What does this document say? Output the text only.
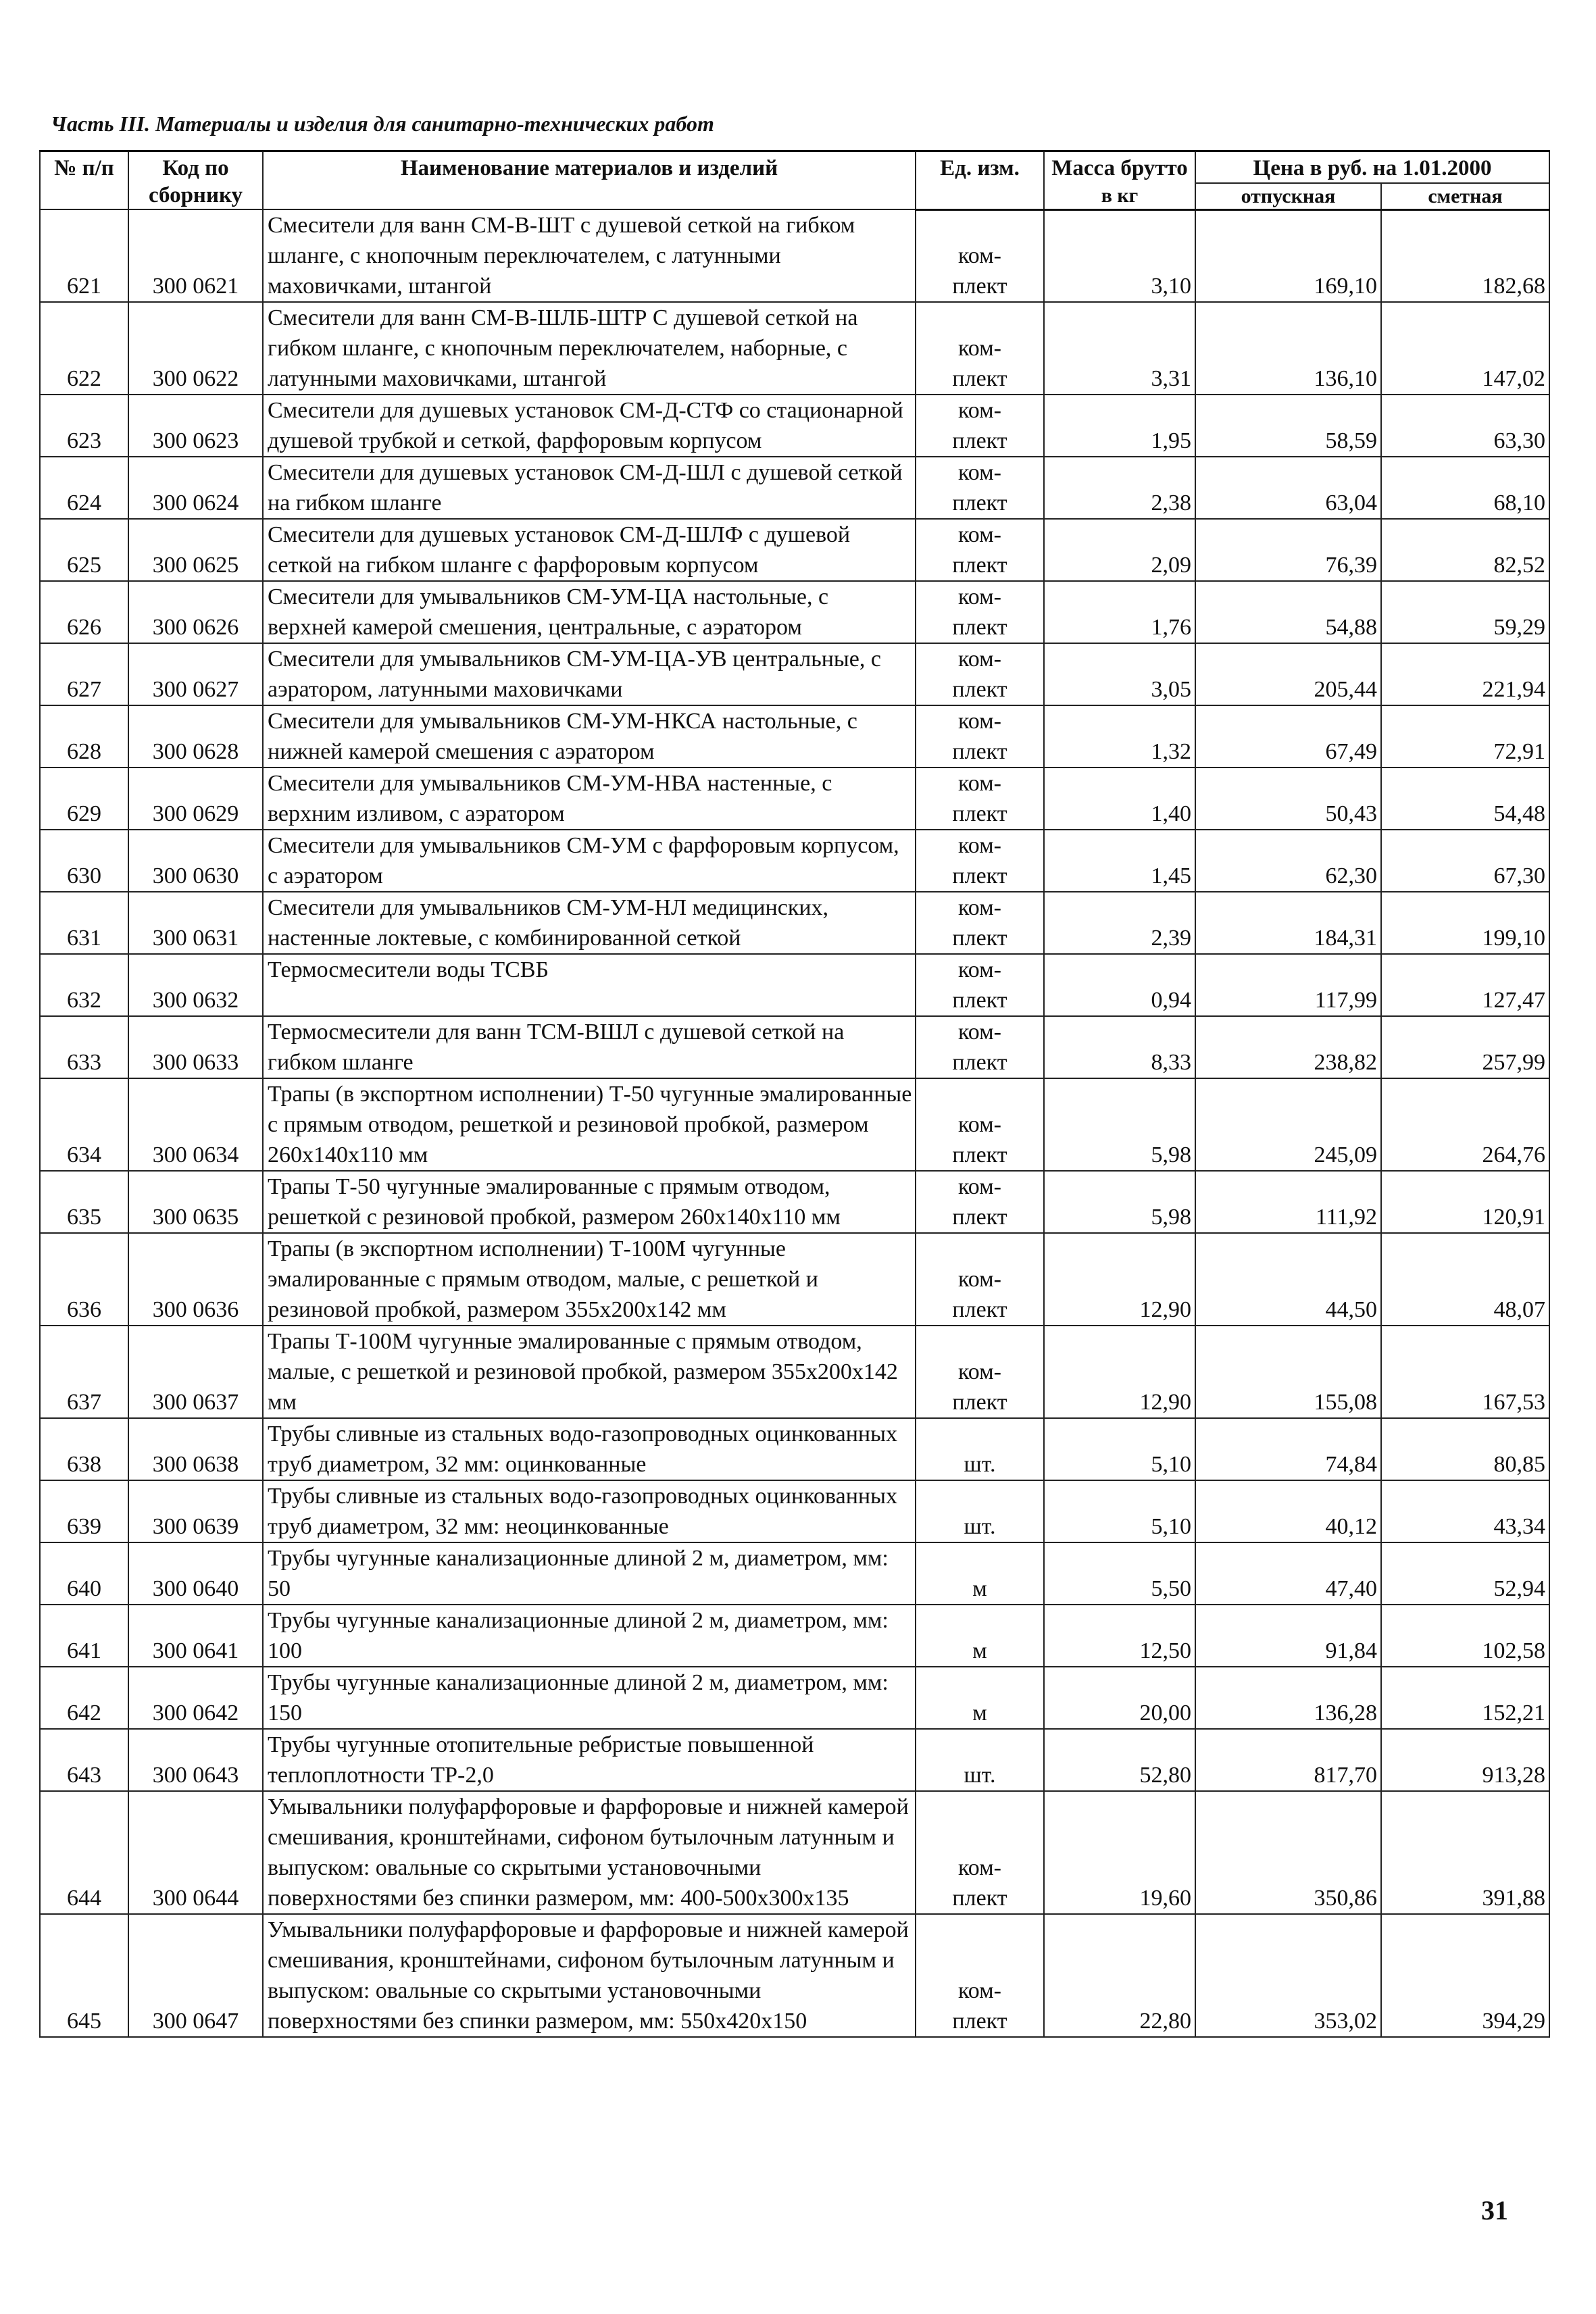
Часть III. Материалы и изделия для санитарно-технических работ
№ п/п	Код по сборнику	Наименование материалов и изделий	Ед. изм.	Масса брутто	Цена в руб. на 1.01.2000	
				в кг	отпускная	сметная
621	300 0621	Смесители для ванн СМ-В-ШТ с душевой сеткой на гибком шланге, с кнопочным переключателем, с латунными маховичками, штангой	ком-
плект	3,10	169,10	182,68
622	300 0622	Смесители для ванн СМ-В-ШЛБ-ШТР С душевой сеткой на гибком шланге, с кнопочным переключателем, наборные, с латунными маховичками, штангой	ком-
плект	3,31	136,10	147,02
623	300 0623	Смесители для душевых установок СМ-Д-СТФ со стационарной душевой трубкой и сеткой, фарфоровым корпусом	ком-
плект	1,95	58,59	63,30
624	300 0624	Смесители для душевых установок СМ-Д-ШЛ с душевой сеткой на гибком шланге	ком-
плект	2,38	63,04	68,10
625	300 0625	Смесители для душевых установок СМ-Д-ШЛФ с душевой сеткой на гибком шланге с фарфоровым корпусом	ком-
плект	2,09	76,39	82,52
626	300 0626	Смесители для умывальников СМ-УМ-ЦА настольные, с верхней камерой смешения, центральные, с аэратором	ком-
плект	1,76	54,88	59,29
627	300 0627	Смесители для умывальников СМ-УМ-ЦА-УВ центральные, с аэратором, латунными маховичками	ком-
плект	3,05	205,44	221,94
628	300 0628	Смесители для умывальников СМ-УМ-НКСА настольные, с нижней камерой смешения с аэратором	ком-
плект	1,32	67,49	72,91
629	300 0629	Смесители для умывальников СМ-УМ-НВА настенные, с верхним изливом, с аэратором	ком-
плект	1,40	50,43	54,48
630	300 0630	Смесители для умывальников СМ-УМ с фарфоровым корпусом, с аэратором	ком-
плект	1,45	62,30	67,30
631	300 0631	Смесители для умывальников СМ-УМ-НЛ медицинских, настенные локтевые, с комбинированной сеткой	ком-
плект	2,39	184,31	199,10
632	300 0632	Термосмесители воды ТСВБ	ком-
плект	0,94	117,99	127,47
633	300 0633	Термосмесители для ванн ТСМ-ВШЛ с душевой сеткой на гибком шланге	ком-
плект	8,33	238,82	257,99
634	300 0634	Трапы (в экспортном исполнении) Т-50 чугунные эмалированные с прямым отводом, решеткой и резиновой пробкой, размером 260х140х110 мм	ком-
плект	5,98	245,09	264,76
635	300 0635	Трапы Т-50 чугунные эмалированные с прямым отводом, решеткой с резиновой пробкой, размером 260х140х110 мм	ком-
плект	5,98	111,92	120,91
636	300 0636	Трапы (в экспортном исполнении) Т-100М чугунные эмалированные с прямым отводом, малые, с решеткой и резиновой пробкой, размером 355х200х142 мм	ком-
плект	12,90	44,50	48,07
637	300 0637	Трапы Т-100М чугунные эмалированные с прямым отводом, малые, с решеткой и резиновой пробкой, размером 355х200х142 мм	ком-
плект	12,90	155,08	167,53
638	300 0638	Трубы сливные из стальных водо-газопроводных оцинкованных труб диаметром, 32 мм: оцинкованные	шт.	5,10	74,84	80,85
639	300 0639	Трубы сливные из стальных водо-газопроводных оцинкованных труб диаметром, 32 мм: неоцинкованные	шт.	5,10	40,12	43,34
640	300 0640	Трубы чугунные канализационные длиной 2 м, диаметром, мм: 50	м	5,50	47,40	52,94
641	300 0641	Трубы чугунные канализационные длиной 2 м, диаметром, мм: 100	м	12,50	91,84	102,58
642	300 0642	Трубы чугунные канализационные длиной 2 м, диаметром, мм: 150	м	20,00	136,28	152,21
643	300 0643	Трубы чугунные отопительные ребристые повышенной теплоплотности ТР-2,0	шт.	52,80	817,70	913,28
644	300 0644	Умывальники полуфарфоровые и фарфоровые и нижней камерой смешивания, кронштейнами, сифоном бутылочным латунным и выпуском: овальные со скрытыми установочными поверхностями без спинки размером, мм: 400-500х300х135	ком-
плект	19,60	350,86	391,88
645	300 0647	Умывальники полуфарфоровые и фарфоровые и нижней камерой смешивания, кронштейнами, сифоном бутылочным латунным и выпуском: овальные со скрытыми установочными поверхностями без спинки размером, мм: 550х420х150	ком-
плект	22,80	353,02	394,29
31
